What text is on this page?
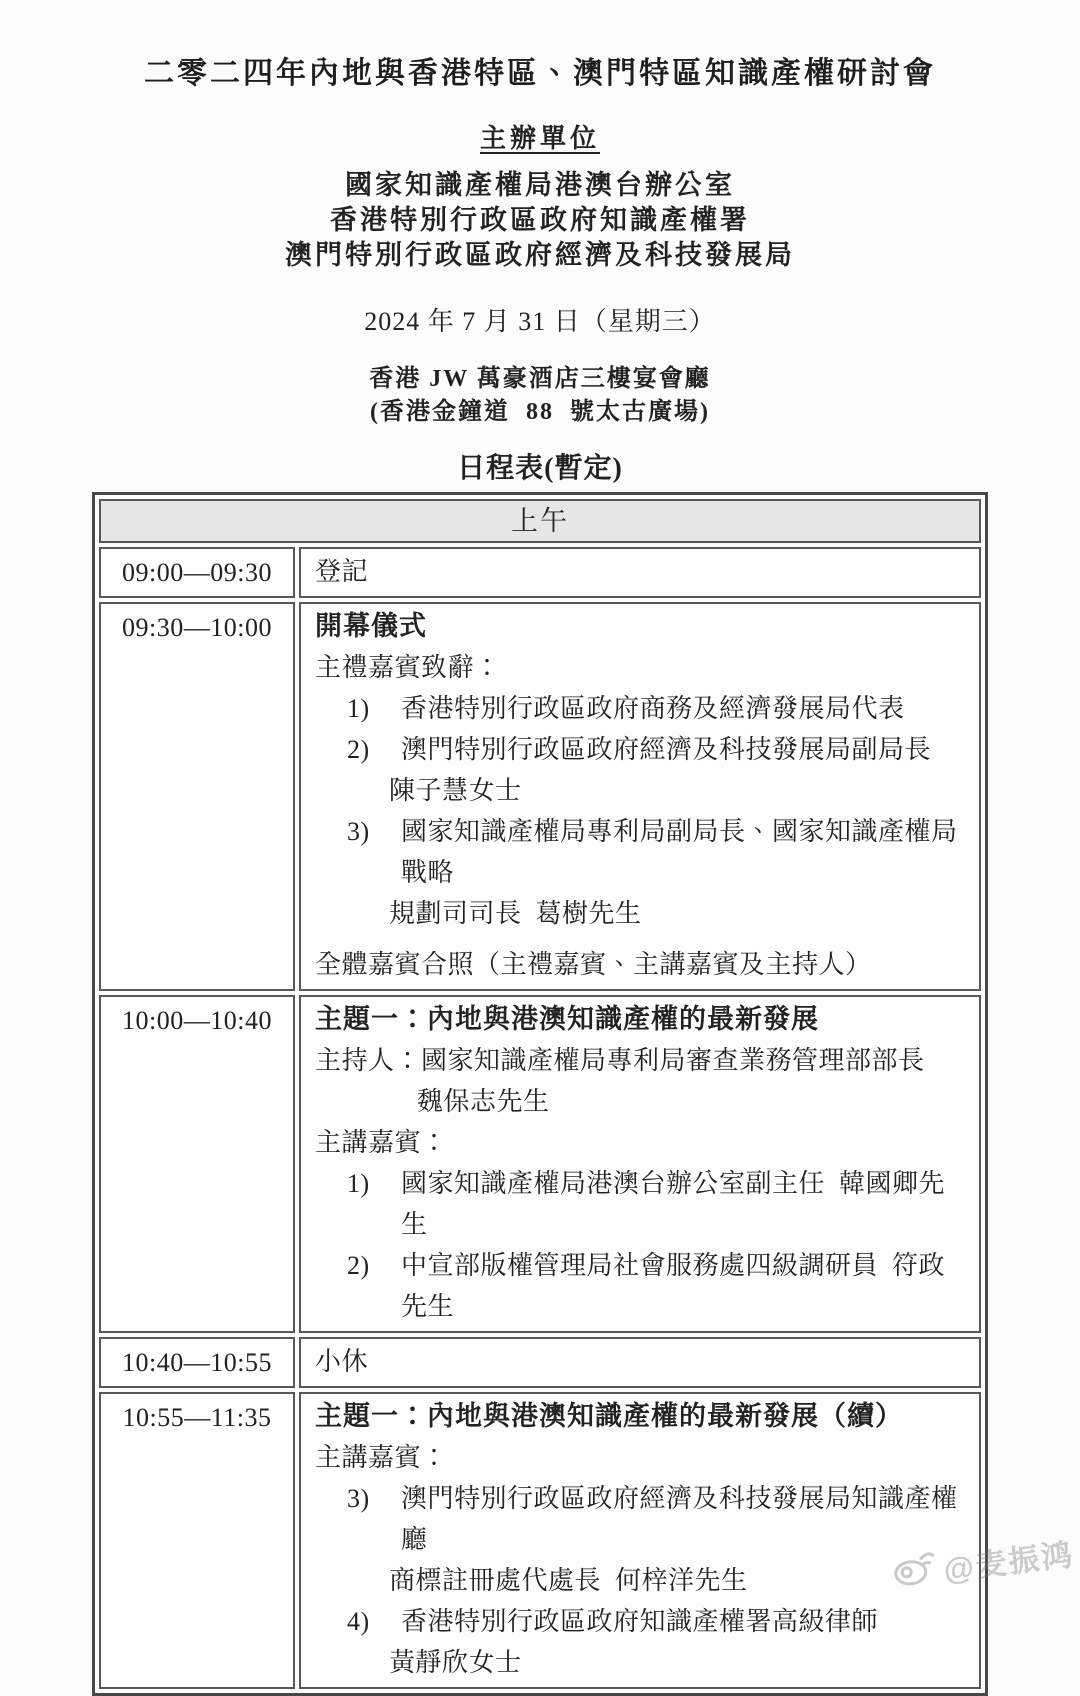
二零二四年內地與香港特區、澳門特區知識產權研討會
主辦單位
國家知識產權局港澳台辦公室
香港特別行政區政府知識產權署
澳門特別行政區政府經濟及科技發展局
2024 年 7 月 31 日（星期三）
香港 JW 萬豪酒店三樓宴會廳
(香港金鐘道  88  號太古廣場)
日程表(暫定)
上午	
09:00—09:30	登記

09:30—10:00	開幕儀式
主禮嘉賓致辭：
1)	香港特別行政區政府商務及經濟發展局代表
2)	澳門特別行政區政府經濟及科技發展局副局長
陳子慧女士
3)	國家知識產權局專利局副局長、國家知識產權局戰略
規劃司司長  葛樹先生
全體嘉賓合照（主禮嘉賓、主講嘉賓及主持人）

10:00—10:40	主題一：內地與港澳知識產權的最新發展
主持人：國家知識產權局專利局審查業務管理部部長
魏保志先生
主講嘉賓：
1)	國家知識產權局港澳台辦公室副主任  韓國卿先生
2)	中宣部版權管理局社會服務處四級調研員  符政先生

10:40—10:55	小休

10:55—11:35	主題一：內地與港澳知識產權的最新發展（續）
主講嘉賓：
3)	澳門特別行政區政府經濟及科技發展局知識產權廳
商標註冊處代處長  何梓洋先生
4)	香港特別行政區政府知識產權署高級律師
黃靜欣女士
@麦振鸿
